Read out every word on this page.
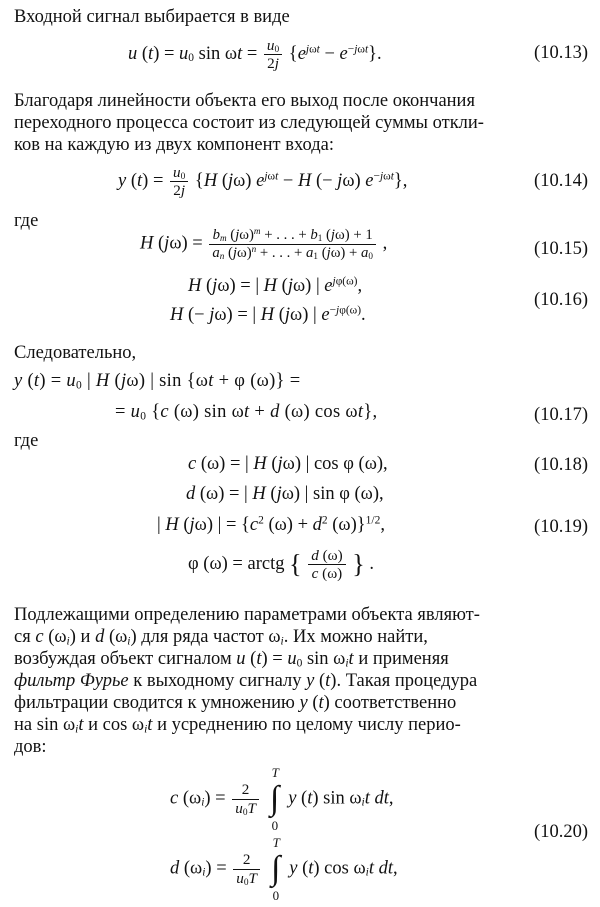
Входной сигнал выбирается в виде
u $(t) = u_0$ $\sin \omega t = \frac{u_0}{2j} \{e^{j\omega t} - e^{-j\omega t}\}$.	(10.13)
Благодаря линейности объекта его выход после окончания
переходного процесса состоит из следующей суммы откли-
ков на каждую из двух компонент входа:
y $(t) = \frac{u_0}{2j} \{H$ (jω) $e^{j\omega t} - H$ (− jω) $e^{-j\omega t}$},	(10.14)
где
H $(j\omega) = \frac{b_m (j\omega)^m + . . . + b_1 (j\omega) + 1}{a_n (j\omega)^n + . . . + a_1 (j\omega) + a_0}$ ,	(10.15)
H (jω) = | H (jω) | $e^{j\varphi(\omega)}$,
H (− jω) = | H (jω) | $e^{-j\varphi(\omega)}$.
(10.16)
Следовательно,
y $(t) = u_0$ | H (jω) | sin {ωt + φ (ω)} =
= $u_0$ {c (ω) sin ωt + d (ω) cos ωt},	(10.17)
где
c (ω) = | H (jω) | cos φ (ω),	(10.18)
d (ω) = | H (jω) | sin φ (ω),
| H (jω) | = {$c^2$ $(\omega) + d^2$ (ω)}$^{1/2}$,	(10.19)
φ (ω) = arctg { $\frac{d (\omega)}{c (\omega)}$ } .
Подлежащими определению параметрами объекта являют-
ся c $(\omega_i)$ и d $(\omega_i)$ для ряда частот $\omega_i$. Их можно найти,
возбуждая объект сигналом u $(t) = u_0$ $\sin \omega_it$ и применяя
фильтр Фурье к выходному сигналу y (t). Такая процедура
фильтрации сводится к умножению y (t) соответственно
на $\sin \omega_it$ и $\cos \omega_it$ и усреднению по целому числу перио-
дов:
c $(\omega_i) = \frac{2}{u_0T}$

T
∫
0
y (t) $\sin \omega_it$ dt,
(10.20)
d $(\omega_i) = \frac{2}{u_0T}$

T
∫
0
y (t) $\cos \omega_it$ dt,
